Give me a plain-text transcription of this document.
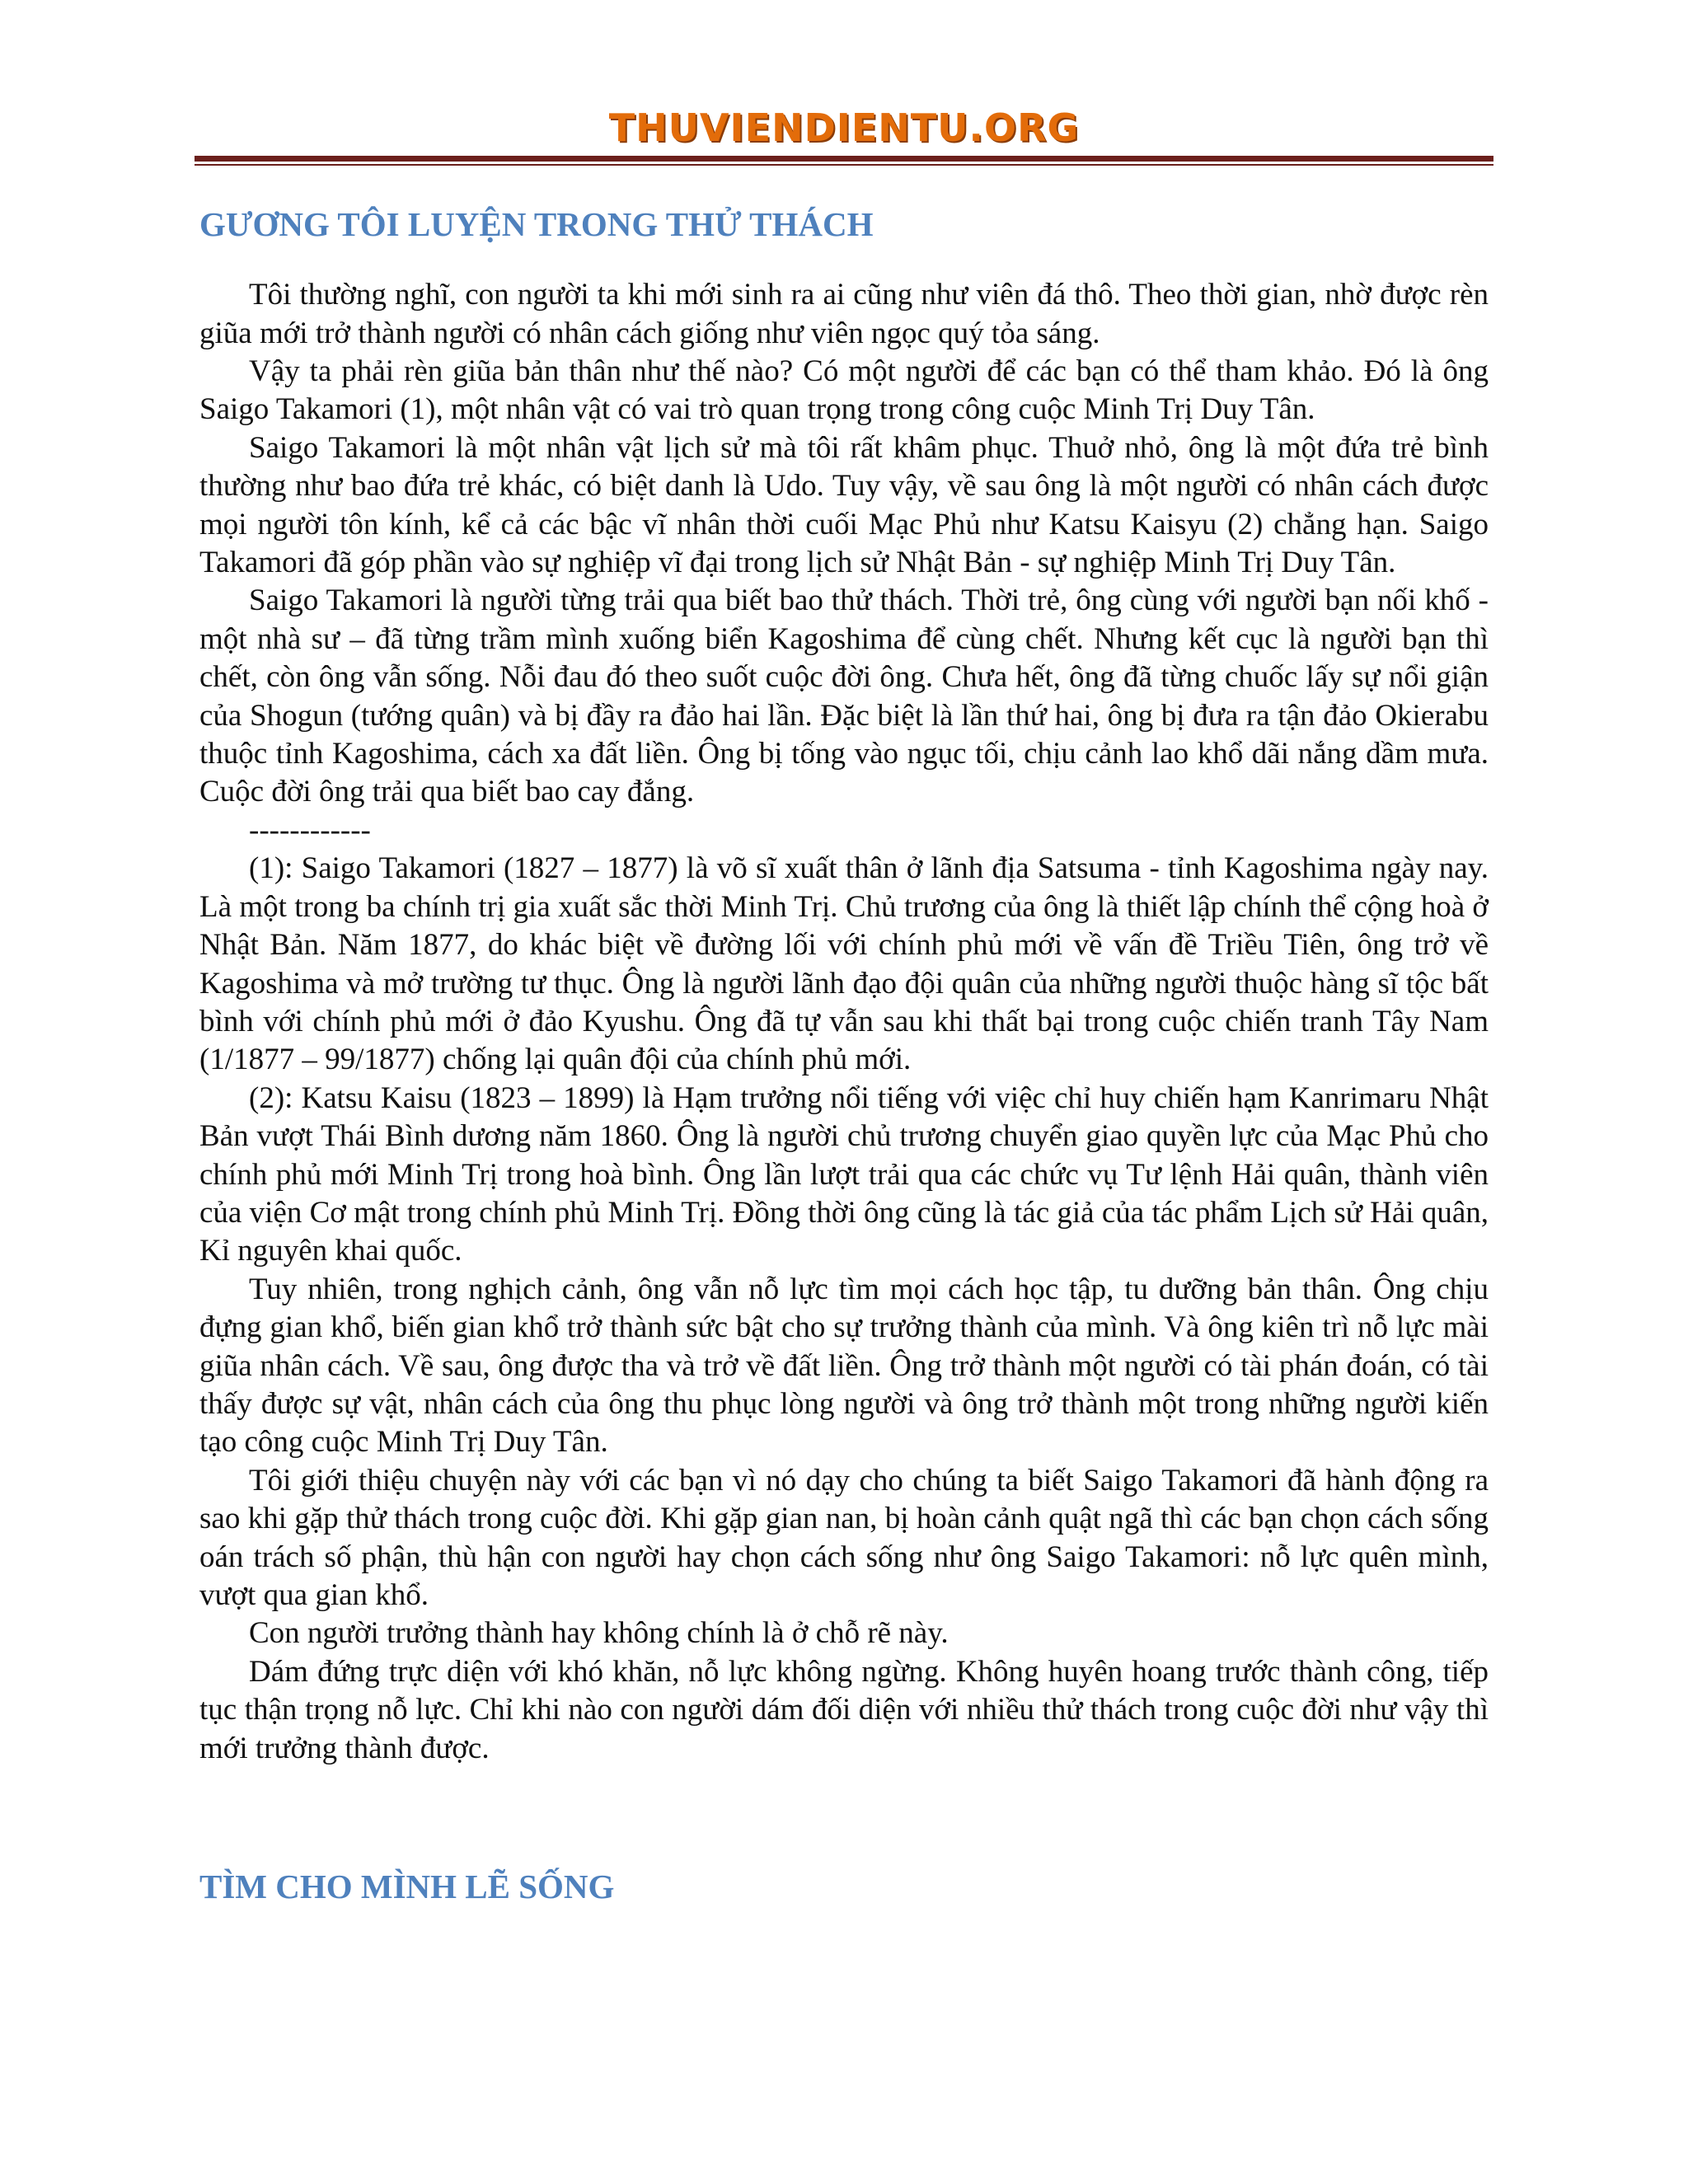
THUVIENDIENTU.ORG
GƯƠNG TÔI LUYỆN TRONG THỬ THÁCH

Tôi thường nghĩ, con người ta khi mới sinh ra ai cũng như viên đá thô. Theo thời gian, nhờ được rèn giũa mới trở thành người có nhân cách giống như viên ngọc quý tỏa sáng.

Vậy ta phải rèn giũa bản thân như thế nào? Có một người để các bạn có thể tham khảo. Đó là ông Saigo Takamori (1), một nhân vật có vai trò quan trọng trong công cuộc Minh Trị Duy Tân.

Saigo Takamori là một nhân vật lịch sử mà tôi rất khâm phục. Thuở nhỏ, ông là một đứa trẻ bình thường như bao đứa trẻ khác, có biệt danh là Udo. Tuy vậy, về sau ông là một người có nhân cách được mọi người tôn kính, kể cả các bậc vĩ nhân thời cuối Mạc Phủ như Katsu Kaisyu (2) chẳng hạn. Saigo Takamori đã góp phần vào sự nghiệp vĩ đại trong lịch sử Nhật Bản - sự nghiệp Minh Trị Duy Tân.

Saigo Takamori là người từng trải qua biết bao thử thách. Thời trẻ, ông cùng với người bạn nối khố - một nhà sư – đã từng trầm mình xuống biển Kagoshima để cùng chết. Nhưng kết cục là người bạn thì chết, còn ông vẫn sống. Nỗi đau đó theo suốt cuộc đời ông. Chưa hết, ông đã từng chuốc lấy sự nổi giận của Shogun (tướng quân) và bị đầy ra đảo hai lần. Đặc biệt là lần thứ hai, ông bị đưa ra tận đảo Okierabu thuộc tỉnh Kagoshima, cách xa đất liền. Ông bị tống vào ngục tối, chịu cảnh lao khổ dãi nắng dầm mưa. Cuộc đời ông trải qua biết bao cay đắng.

------------

(1): Saigo Takamori (1827 – 1877) là võ sĩ xuất thân ở lãnh địa Satsuma - tỉnh Kagoshima ngày nay. Là một trong ba chính trị gia xuất sắc thời Minh Trị. Chủ trương của ông là thiết lập chính thể cộng hoà ở Nhật Bản. Năm 1877, do khác biệt về đường lối với chính phủ mới về vấn đề Triều Tiên, ông trở về Kagoshima và mở trường tư thục. Ông là người lãnh đạo đội quân của những người thuộc hàng sĩ tộc bất bình với chính phủ mới ở đảo Kyushu. Ông đã tự vẫn sau khi thất bại trong cuộc chiến tranh Tây Nam (1/1877 – 99/1877) chống lại quân đội của chính phủ mới.

(2): Katsu Kaisu (1823 – 1899) là Hạm trưởng nổi tiếng với việc chỉ huy chiến hạm Kanrimaru Nhật Bản vượt Thái Bình dương năm 1860. Ông là người chủ trương chuyển giao quyền lực của Mạc Phủ cho chính phủ mới Minh Trị trong hoà bình. Ông lần lượt trải qua các chức vụ Tư lệnh Hải quân, thành viên của viện Cơ mật trong chính phủ Minh Trị. Đồng thời ông cũng là tác giả của tác phẩm Lịch sử Hải quân, Kỉ nguyên khai quốc.

Tuy nhiên, trong nghịch cảnh, ông vẫn nỗ lực tìm mọi cách học tập, tu dưỡng bản thân. Ông chịu đựng gian khổ, biến gian khổ trở thành sức bật cho sự trưởng thành của mình. Và ông kiên trì nỗ lực mài giũa nhân cách. Về sau, ông được tha và trở về đất liền. Ông trở thành một người có tài phán đoán, có tài thấy được sự vật, nhân cách của ông thu phục lòng người và ông trở thành một trong những người kiến tạo công cuộc Minh Trị Duy Tân.

Tôi giới thiệu chuyện này với các bạn vì nó dạy cho chúng ta biết Saigo Takamori đã hành động ra sao khi gặp thử thách trong cuộc đời. Khi gặp gian nan, bị hoàn cảnh quật ngã thì các bạn chọn cách sống oán trách số phận, thù hận con người hay chọn cách sống như ông Saigo Takamori: nỗ lực quên mình, vượt qua gian khổ.

Con người trưởng thành hay không chính là ở chỗ rẽ này.

Dám đứng trực diện với khó khăn, nỗ lực không ngừng. Không huyên hoang trước thành công, tiếp tục thận trọng nỗ lực. Chỉ khi nào con người dám đối diện với nhiều thử thách trong cuộc đời như vậy thì mới trưởng thành được.

TÌM CHO MÌNH LẼ SỐNG
